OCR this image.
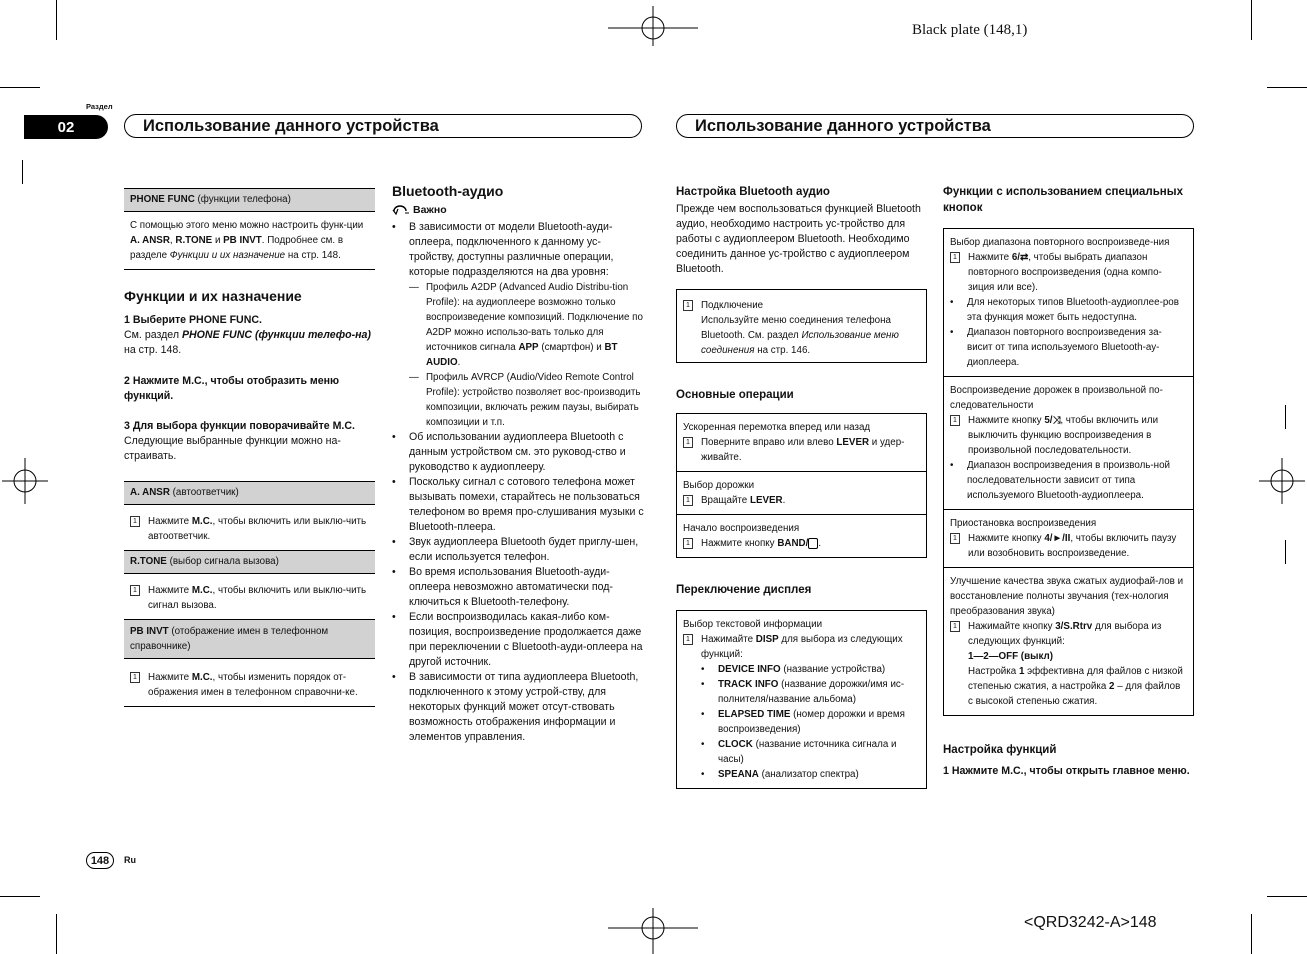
Black plate (148,1)
<QRD3242-A>148
Раздел
02	Использование данного устройства	Использование данного устройства
PHONE FUNC (функции телефона)
С помощью этого меню можно настроить функ-ции A. ANSR, R.TONE и PB INVT. Подробнее см. в разделе Функции и их назначение на стр. 148.
Функции и их назначение
1 Выберите PHONE FUNC.
См. раздел PHONE FUNC (функции телефо-на) на стр. 148.
2 Нажмите M.C., чтобы отобразить меню функций.
3 Для выбора функции поворачивайте M.C.
Следующие выбранные функции можно на-страивать.
A. ANSR (автоответчик)
1	Нажмите M.C., чтобы включить или выклю-чить автоответчик.
R.TONE (выбор сигнала вызова)
1	Нажмите M.C., чтобы включить или выклю-чить сигнал вызова.
PB INVT (отображение имен в телефонном справочнике)
1	Нажмите M.C., чтобы изменить порядок от-ображения имен в телефонном справочни-ке.
Bluetooth-аудио
Важно
•	В зависимости от модели Bluetooth-ауди-оплеера, подключенного к данному ус-тройству, доступны различные операции, которые подразделяются на два уровня:
— Профиль A2DP (Advanced Audio Distribu-tion Profile): на аудиоплеере возможно только воспроизведение композиций. Подключение по A2DP можно использо-вать только для источников сигнала APP (смартфон) и BT AUDIO.
— Профиль AVRCP (Audio/Video Remote Control Profile): устройство позволяет вос-производить композиции, включать режим паузы, выбирать композиции и т.п.
•	Об использовании аудиоплеера Bluetooth с данным устройством см. это руковод-ство и руководство к аудиоплееру.
•	Поскольку сигнал с сотового телефона может вызывать помехи, старайтесь не пользоваться телефоном во время про-слушивания музыки с Bluetooth-плеера.
•	Звук аудиоплеера Bluetooth будет приглу-шен, если используется телефон.
•	Во время использования Bluetooth-ауди-оплеера невозможно автоматически под-ключиться к Bluetooth-телефону.
•	Если воспроизводилась какая-либо ком-позиция, воспроизведение продолжается даже при переключении с Bluetooth-ауди-оплеера на другой источник.
•	В зависимости от типа аудиоплеера Bluetooth, подключенного к этому устрой-ству, для некоторых функций может отсут-ствовать возможность отображения информации и элементов управления.
Настройка Bluetooth аудио
Прежде чем воспользоваться функцией Bluetooth аудио, необходимо настроить ус-тройство для работы с аудиоплеером Bluetooth. Необходимо соединить данное ус-тройство с аудиоплеером Bluetooth.
1	Подключение
Используйте меню соединения телефона Bluetooth. См. раздел Использование меню соединения на стр. 146.
Основные операции
Ускоренная перемотка вперед или назад
1	Поверните вправо или влево LEVER и удер-живайте.
Выбор дорожки
1	Вращайте LEVER.
Начало воспроизведения
1	Нажмите кнопку BAND/ .
Переключение дисплея
Выбор текстовой информации
1	Нажимайте DISP для выбора из следующих функций:
•	DEVICE INFO (название устройства)
•	TRACK INFO (название дорожки/имя ис-полнителя/название альбома)
•	ELAPSED TIME (номер дорожки и время воспроизведения)
•	CLOCK (название источника сигнала и часы)
•	SPEANA (анализатор спектра)
Функции с использованием специальных кнопок
Выбор диапазона повторного воспроизведе-ния
1	Нажмите 6/⇄, чтобы выбрать диапазон повторного воспроизведения (одна компо-зиция или все).
•	Для некоторых типов Bluetooth-аудиоплее-ров эта функция может быть недоступна.
•	Диапазон повторного воспроизведения за-висит от типа используемого Bluetooth-ау-диоплеера.
Воспроизведение дорожек в произвольной по-следовательности
1	Нажмите кнопку 5/⤨, чтобы включить или выключить функцию воспроизведения в произвольной последовательности.
•	Диапазон воспроизведения в произволь-ной последовательности зависит от типа используемого Bluetooth-аудиоплеера.
Приостановка воспроизведения
1	Нажмите кнопку 4/►/II, чтобы включить паузу или возобновить воспроизведение.
Улучшение качества звука сжатых аудиофай-лов и восстановление полноты звучания (тех-нология преобразования звука)
1	Нажимайте кнопку 3/S.Rtrv для выбора из следующих функций:
1—2—OFF (выкл)
Настройка 1 эффективна для файлов с низкой степенью сжатия, а настройка 2 – для файлов с высокой степенью сжатия.
Настройка функций
1 Нажмите M.C., чтобы открыть главное меню.
148 Ru
